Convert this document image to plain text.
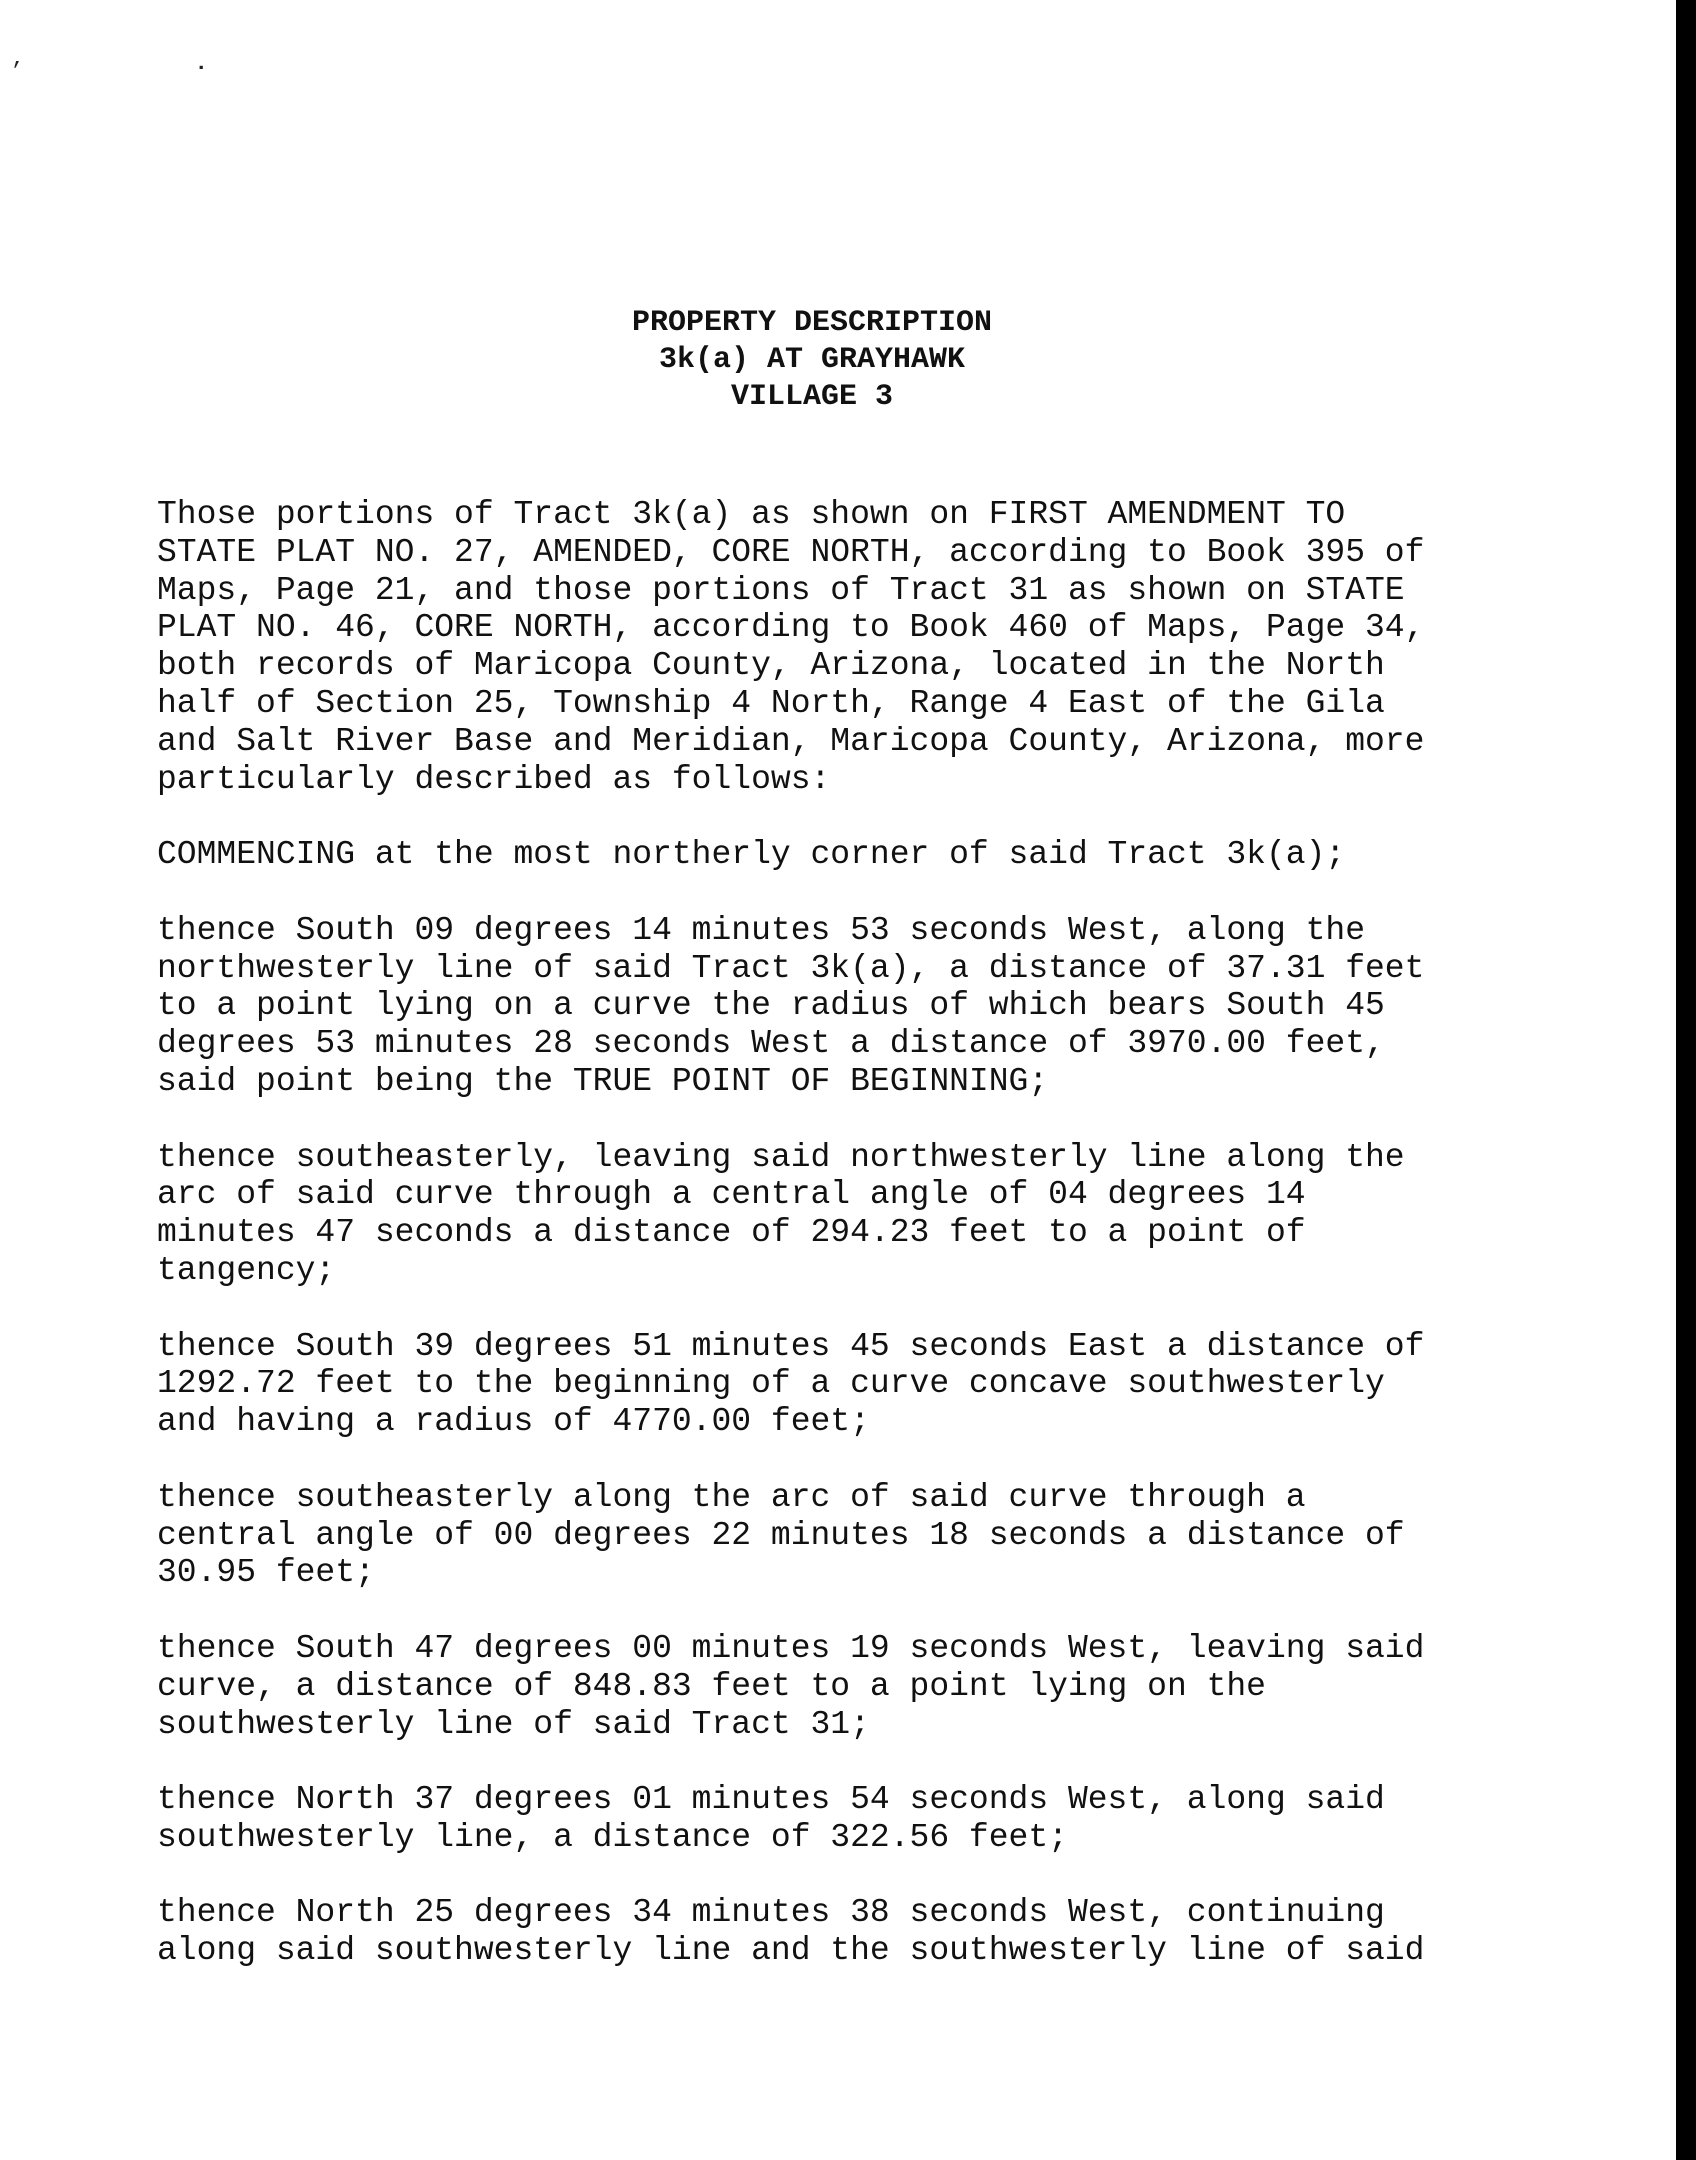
’ ⠂
PROPERTY DESCRIPTION
3k(a) AT GRAYHAWK
VILLAGE 3
Those portions of Tract 3k(a) as shown on FIRST AMENDMENT TO
STATE PLAT NO. 27, AMENDED, CORE NORTH, according to Book 395 of
Maps, Page 21, and those portions of Tract 31 as shown on STATE
PLAT NO. 46, CORE NORTH, according to Book 460 of Maps, Page 34,
both records of Maricopa County, Arizona, located in the North
half of Section 25, Township 4 North, Range 4 East of the Gila
and Salt River Base and Meridian, Maricopa County, Arizona, more
particularly described as follows:
COMMENCING at the most northerly corner of said Tract 3k(a);
thence South 09 degrees 14 minutes 53 seconds West, along the
northwesterly line of said Tract 3k(a), a distance of 37.31 feet
to a point lying on a curve the radius of which bears South 45
degrees 53 minutes 28 seconds West a distance of 3970.00 feet,
said point being the TRUE POINT OF BEGINNING;
thence southeasterly, leaving said northwesterly line along the
arc of said curve through a central angle of 04 degrees 14
minutes 47 seconds a distance of 294.23 feet to a point of
tangency;
thence South 39 degrees 51 minutes 45 seconds East a distance of
1292.72 feet to the beginning of a curve concave southwesterly
and having a radius of 4770.00 feet;
thence southeasterly along the arc of said curve through a
central angle of 00 degrees 22 minutes 18 seconds a distance of
30.95 feet;
thence South 47 degrees 00 minutes 19 seconds West, leaving said
curve, a distance of 848.83 feet to a point lying on the
southwesterly line of said Tract 31;
thence North 37 degrees 01 minutes 54 seconds West, along said
southwesterly line, a distance of 322.56 feet;
thence North 25 degrees 34 minutes 38 seconds West, continuing
along said southwesterly line and the southwesterly line of said
